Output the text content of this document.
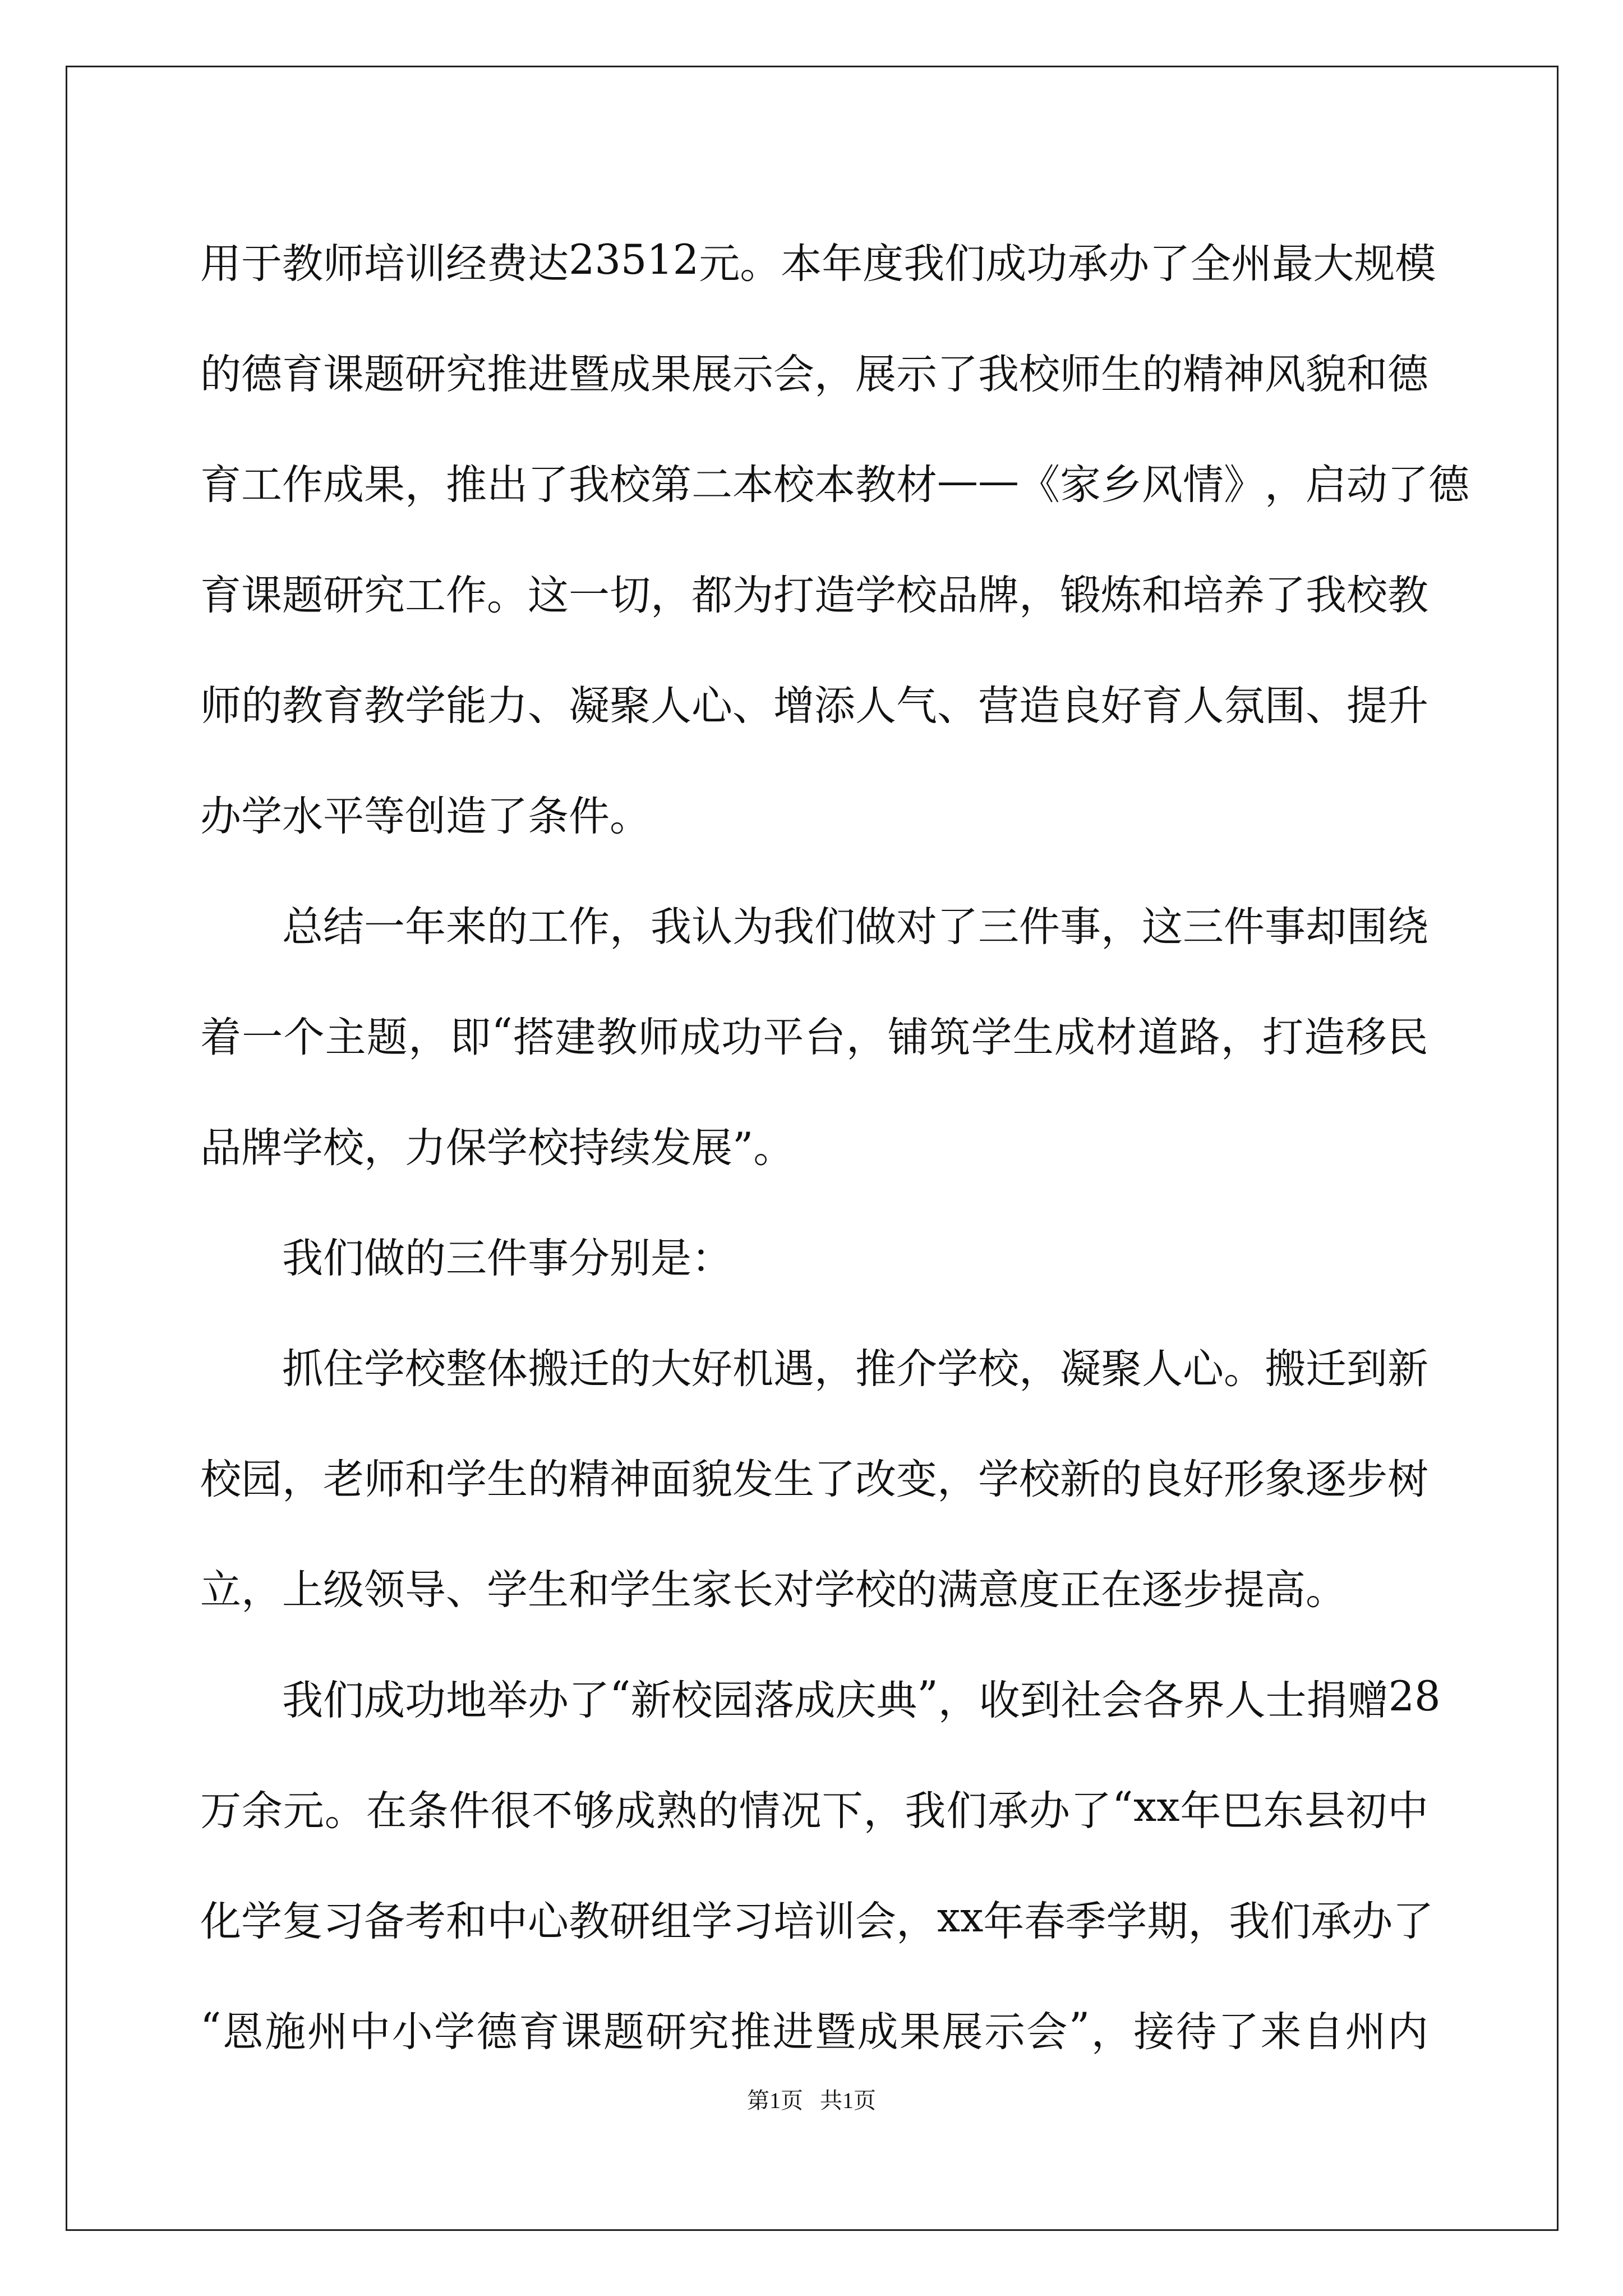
用 于 教 师 培 训 经 费 达 23512 元 。 本 年 度 我 们 成 功 承 办 了 全 州 最 大 规 模
的 德 育 课 题 研 究 推 进 暨 成 果 展 示 会 ， 展 示 了 我 校 师 生 的 精 神 风 貌 和 德
育 工 作 成 果 ， 推 出 了 我 校 第 二 本 校 本 教 材 —— 《 家 乡 风 情 》 ， 启 动 了 德
育 课 题 研 究 工 作 。 这 一 切 ， 都 为 打 造 学 校 品 牌 ， 锻 炼 和 培 养 了 我 校 教
师 的 教 育 教 学 能 力 、 凝 聚 人 心 、 增 添 人 气 、 营 造 良 好 育 人 氛 围 、 提 升
办学水平等创造了条件。
总 结 一 年 来 的 工 作 ， 我 认 为 我 们 做 对 了 三 件 事 ， 这 三 件 事 却 围 绕
着 一 个 主 题 ， 即 “ 搭 建 教 师 成 功 平 台 ， 铺 筑 学 生 成 材 道 路 ， 打 造 移 民
品牌学校，力保学校持续发展”。
我们做的三件事分别是：
抓 住 学 校 整 体 搬 迁 的 大 好 机 遇 ， 推 介 学 校 ， 凝 聚 人 心 。 搬 迁 到 新
校 园 ， 老 师 和 学 生 的 精 神 面 貌 发 生 了 改 变 ， 学 校 新 的 良 好 形 象 逐 步 树
立，上级领导、学生和学生家长对学校的满意度正在逐步提高。
我 们 成 功 地 举 办 了 “ 新 校 园 落 成 庆 典 ” ， 收 到 社 会 各 界 人 士 捐 赠 28
万 余 元 。 在 条 件 很 不 够 成 熟 的 情 况 下 ， 我 们 承 办 了 “ xx 年 巴 东 县 初 中
化 学 复 习 备 考 和 中 心 教 研 组 学 习 培 训 会 ， xx 年 春 季 学 期 ， 我 们 承 办 了
“ 恩 施 州 中 小 学 德 育 课 题 研 究 推 进 暨 成 果 展 示 会 ” ， 接 待 了 来 自 州 内
第1页   共1页
